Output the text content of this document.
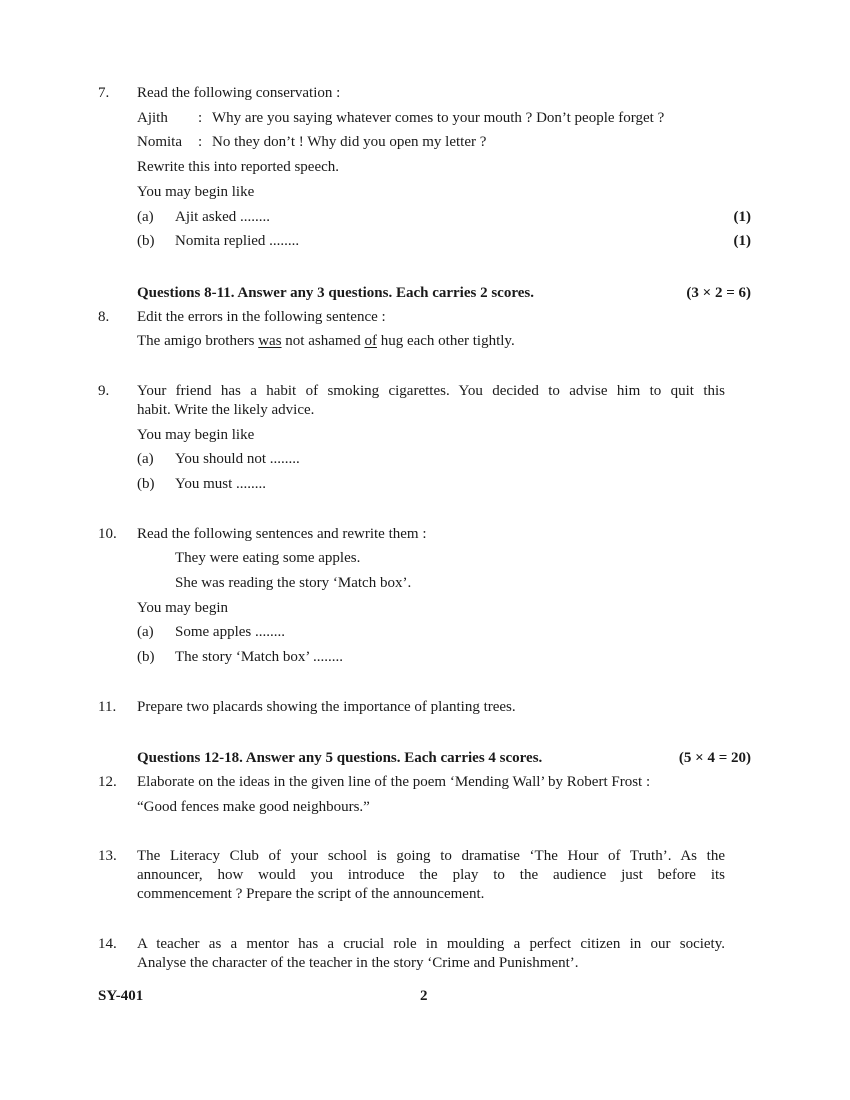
7. Read the following conservation :
Ajith : Why are you saying whatever comes to your mouth ? Don’t people forget ?
Nomita : No they don’t ! Why did you open my letter ?
Rewrite this into reported speech.
You may begin like
(a) Ajit asked ........	(1)
(b) Nomita replied ........	(1)
Questions 8-11. Answer any 3 questions. Each carries 2 scores.	(3 × 2 = 6)
8. Edit the errors in the following sentence :
The amigo brothers was not ashamed of hug each other tightly.
9. Your friend has a habit of smoking cigarettes. You decided to advise him to quit this
habit. Write the likely advice.
You may begin like
(a) You should not ........
(b) You must ........
10. Read the following sentences and rewrite them :
They were eating some apples.
She was reading the story ‘Match box’.
You may begin
(a) Some apples ........
(b) The story ‘Match box’ ........
11. Prepare two placards showing the importance of planting trees.
Questions 12-18. Answer any 5 questions. Each carries 4 scores.	(5 × 4 = 20)
12. Elaborate on the ideas in the given line of the poem ‘Mending Wall’ by Robert Frost :
“Good fences make good neighbours.”
13. The Literacy Club of your school is going to dramatise ‘The Hour of Truth’. As the
announcer, how would you introduce the play to the audience just before its
commencement ? Prepare the script of the announcement.
14. A teacher as a mentor has a crucial role in moulding a perfect citizen in our society.
Analyse the character of the teacher in the story ‘Crime and Punishment’.
SY-401	2
